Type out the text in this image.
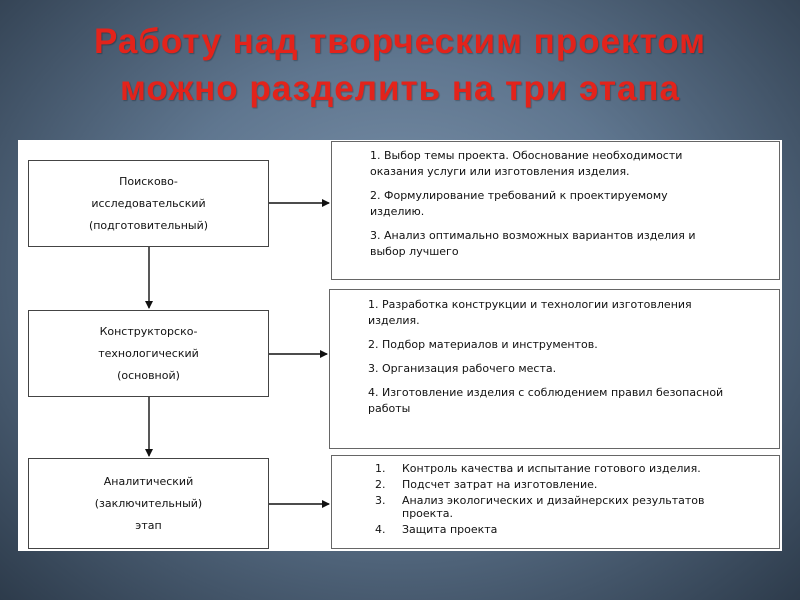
Работу над творческим проектом
можно разделить на три этапа
Поисково-
исследовательский
(подготовительный)
Конструкторско-
технологический
(основной)
Аналитический
(заключительный)
этап

1. Выбор темы проекта. Обоснование необходимости оказания услуги или изготовления изделия.

2. Формулирование требований к проектируемому изделию.

3. Анализ оптимально возможных вариантов изделия и выбор лучшего

1. Разработка конструкции и технологии изготовления изделия.

2. Подбор материалов и инструментов.

3. Организация рабочего места.

4. Изготовление изделия с соблюдением правил безопасной работы

1. Контроль качества и испытание готового изделия.
2. Подсчет затрат на изготовление.
3. Анализ экологических и дизайнерских результатов проекта.
4. Защита проекта
